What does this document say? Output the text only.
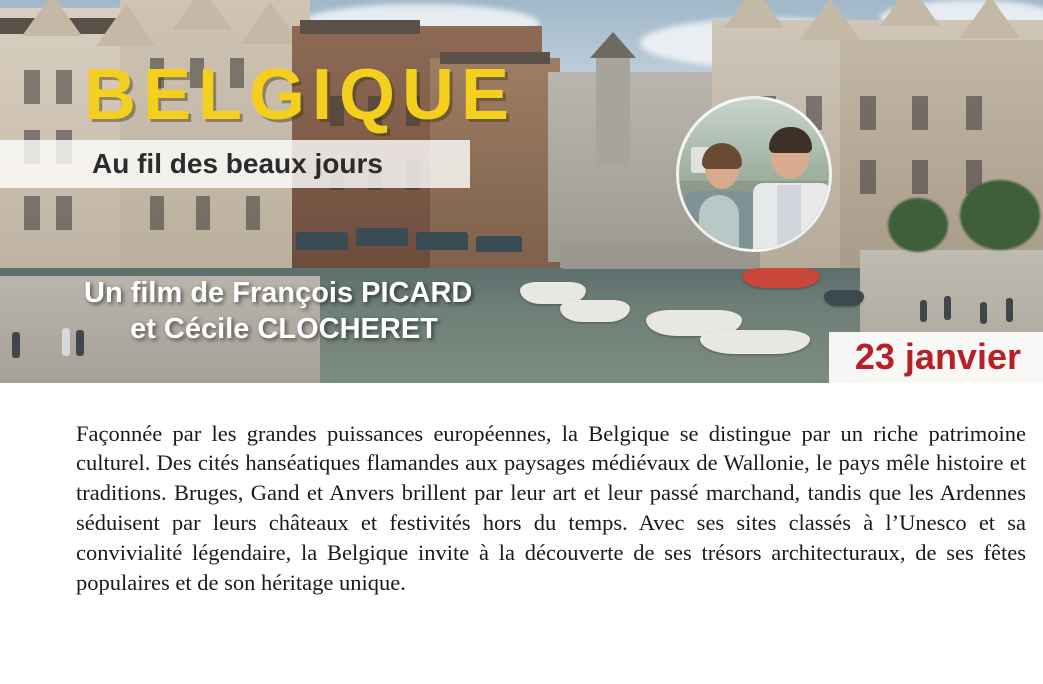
BELGIQUE
Au fil des beaux jours
Un film de François PICARD
et Cécile CLOCHERET
23 janvier

Façonnée par les grandes puissances européennes, la Belgique se distingue par un riche patrimoine culturel. Des cités hanséatiques flamandes aux paysages médiévaux de Wallonie, le pays mêle histoire et traditions. Bruges, Gand et Anvers brillent par leur art et leur passé marchand, tandis que les Ardennes séduisent par leurs châteaux et festivités hors du temps. Avec ses sites classés à l’Unesco et sa convivialité légendaire, la Belgique invite à la découverte de ses trésors architecturaux, de ses fêtes populaires et de son héritage unique.
